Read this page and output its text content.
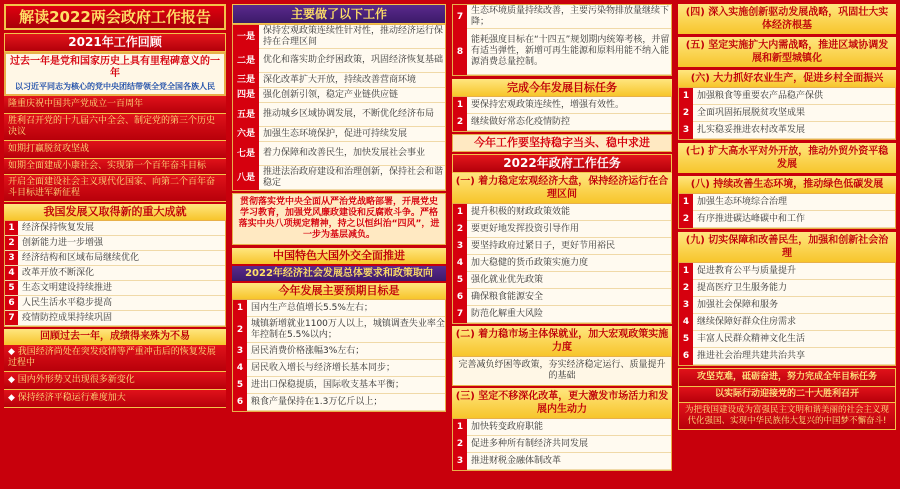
解读2022两会政府工作报告
2021年工作回顾
过去一年是党和国家历史上具有里程碑意义的一年
以习近平同志为核心的党中央团结带领全党全国各族人民
隆重庆祝中国共产党成立一百周年
胜利召开党的十九届六中全会、制定党的第三个历史决议
如期打赢脱贫攻坚战
如期全面建成小康社会、实现第一个百年奋斗目标
开启全面建设社会主义现代化国家、向第二个百年奋斗目标进军新征程
我国发展又取得新的重大成就
1 经济保持恢复发展
2 创新能力进一步增强
3 经济结构和区域布局继续优化
4 改革开放不断深化
5 生态文明建设持续推进
6 人民生活水平稳步提高
7 疫情防控成果持续巩固
回顾过去一年，成绩得来殊为不易
◆ 我国经济尚处在突发疫情等严重冲击后的恢复发展过程中
◆ 国内外形势又出现很多新变化
◆ 保持经济平稳运行难度加大
主要做了以下工作
一是
保持宏观政策连续性针对性，推动经济运行保持在合理区间
二是 优化和落实助企纾困政策，巩固经济恢复基础
三是 深化改革扩大开放，持续改善营商环境
四是 强化创新引领，稳定产业链供应链
五是 推动城乡区域协调发展，不断优化经济布局
六是 加强生态环境保护，促进可持续发展
七是 着力保障和改善民生，加快发展社会事业
八是
推进法治政府建设和治理创新，保持社会和谐稳定
贯彻落实党中央全面从严治党战略部署，开展党史学习教育，加强党风廉政建设和反腐败斗争。严格落实中央八项规定精神，持之以恒纠治“四风”，进一步为基层减负。
中国特色大国外交全面推进
2022年经济社会发展总体要求和政策取向
今年发展主要预期目标是
1 国内生产总值增长5.5%左右；
2
城镇新增就业1100万人以上，城镇调查失业率全年控制在5.5%以内；
3 居民消费价格涨幅3%左右；
4 居民收入增长与经济增长基本同步；
5 进出口保稳提质，国际收支基本平衡；
6 粮食产量保持在1.3万亿斤以上；
7
生态环境质量持续改善，主要污染物排放量继续下降；
8
能耗强度目标在“十四五”规划期内统筹考核，并留有适当弹性，新增可再生能源和原料用能不纳入能源消费总量控制。
完成今年发展目标任务
1 要保持宏观政策连续性，增强有效性。
2 继续做好常态化疫情防控
今年工作要坚持稳字当头、稳中求进
2022年政府工作任务
(一) 着力稳定宏观经济大盘，保持经济运行在合理区间
1 提升积极的财政政策效能
2 要更好地发挥投资引导作用
3 要坚持政府过紧日子，更好节用裕民
4 加大稳健的货币政策实施力度
5 强化就业优先政策
6 确保粮食能源安全
7 防范化解重大风险
(二) 着力稳市场主体保就业，加大宏观政策实施力度
完善减负纾困等政策，夯实经济稳定运行、质量提升的基础
(三) 坚定不移深化改革，更大激发市场活力和发展内生动力
1 加快转变政府职能
2 促进多种所有制经济共同发展
3 推进财税金融体制改革
(四) 深入实施创新驱动发展战略，巩固壮大实体经济根基
(五) 坚定实施扩大内需战略，推进区域协调发展和新型城镇化
(六) 大力抓好农业生产，促进乡村全面振兴
1 加强粮食等重要农产品稳产保供
2 全面巩固拓展脱贫攻坚成果
3 扎实稳妥推进农村改革发展
(七) 扩大高水平对外开放，推动外贸外资平稳发展
(八) 持续改善生态环境，推动绿色低碳发展
1 加强生态环境综合治理
2 有序推进碳达峰碳中和工作
(九) 切实保障和改善民生，加强和创新社会治理
1 促进教育公平与质量提升
2 提高医疗卫生服务能力
3 加强社会保障和服务
4 继续保障好群众住房需求
5 丰富人民群众精神文化生活
6 推进社会治理共建共治共享
攻坚克难，砥砺奋进，努力完成全年目标任务
以实际行动迎接党的二十大胜利召开
为把我国建设成为富强民主文明和谐美丽的社会主义现代化强国、实现中华民族伟大复兴的中国梦不懈奋斗!
